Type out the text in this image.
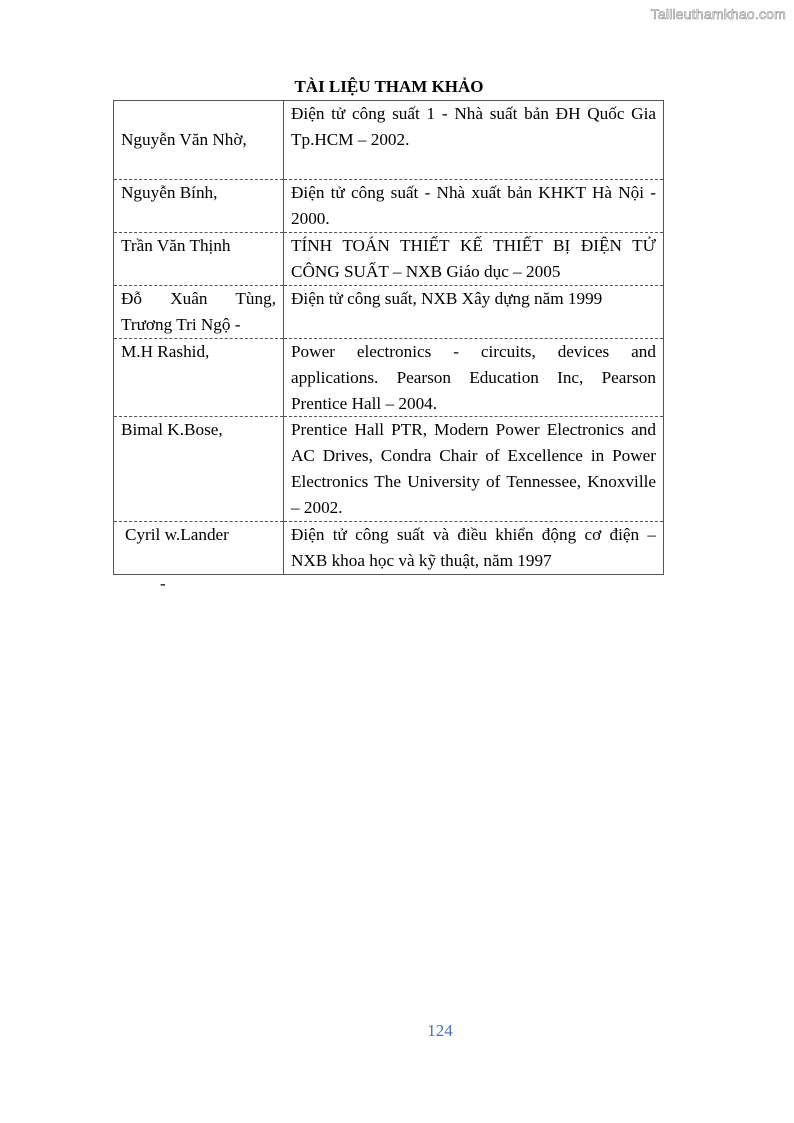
Tailieuthamkhao.com
TÀI LIỆU THAM KHẢO
Nguyễn Văn Nhờ,	Điện tử công suất 1 - Nhà suất bản ĐH Quốc Gia Tp.HCM – 2002.
Nguyễn Bính,	Điện tử công suất - Nhà xuất bản KHKT Hà Nội - 2000.
Trần Văn Thịnh	TÍNH TOÁN THIẾT KẾ THIẾT BỊ ĐIỆN TỬ CÔNG SUẤT – NXB Giáo dục – 2005
Đỗ Xuân Tùng, Trương Tri Ngộ -	Điện tử công suất, NXB Xây dựng năm 1999
M.H Rashid,	Power electronics - circuits, devices and applications. Pearson Education Inc, Pearson Prentice Hall – 2004.
Bimal K.Bose,	Prentice Hall PTR, Modern Power Electronics and AC Drives, Condra Chair of Excellence in Power Electronics The University of Tennessee, Knoxville – 2002.
Cyril w.Lander	Điện tử công suất và điều khiển động cơ điện – NXB khoa học và kỹ thuật, năm 1997
-
124
